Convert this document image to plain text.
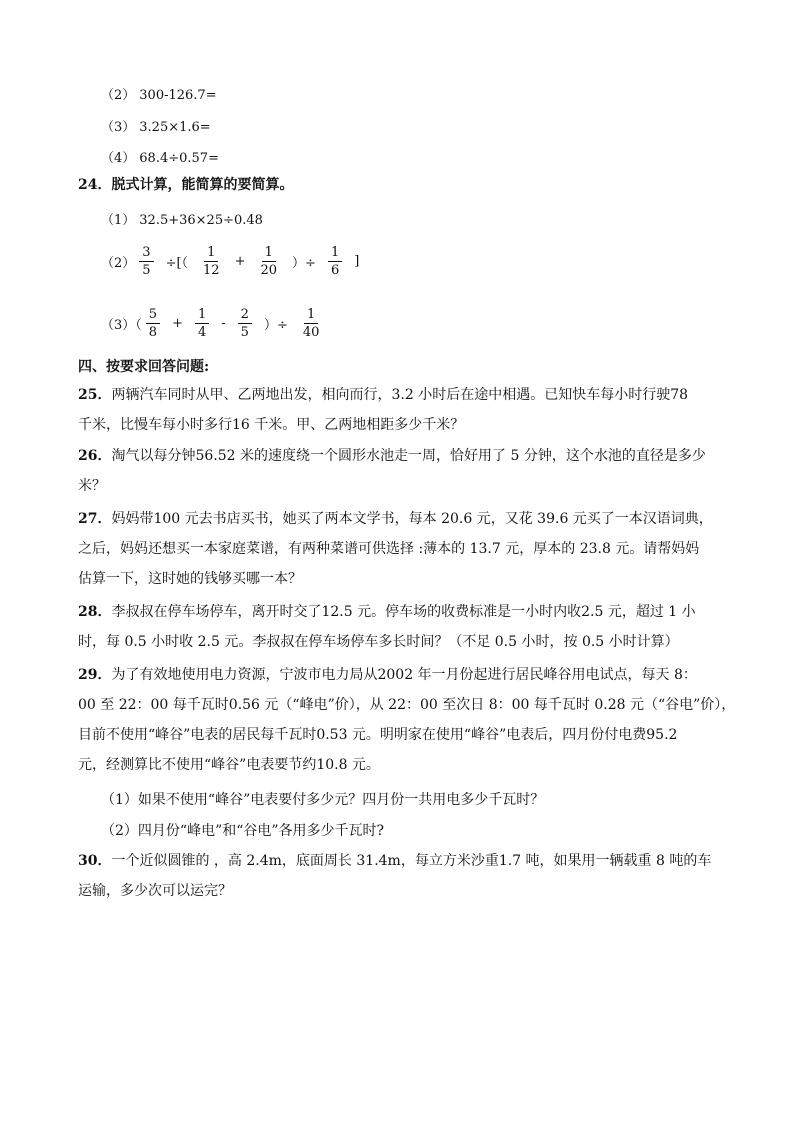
（2） 300-126.7=
（3） 3.25×1.6=
（4） 68.4÷0.57=
24．脱式计算，能简算的要简算。
（1） 32.5+36×25÷0.48
$(2) \frac{3}{5}$ ÷[（ $\frac{1}{12} + \frac{1}{20}$ ）÷ $\frac{1}{6}$ ]
$(3)( \frac{5}{8} + \frac{1}{4} - \frac{2}{5}$ ）÷ $\frac{1}{40}$
四、按要求回答问题:
25．两辆汽车同时从甲、乙两地出发，相向而行，3.2 小时后在途中相遇。已知快车每小时行驶78
千米，比慢车每小时多行16 千米。甲、乙两地相距多少千米？
26．淘气以每分钟56.52 米的速度绕一个圆形水池走一周，恰好用了 5 分钟，这个水池的直径是多少
米？
27．妈妈带100 元去书店买书，她买了两本文学书，每本 20.6 元，又花 39.6 元买了一本汉语词典，
之后，妈妈还想买一本家庭菜谱，有两种菜谱可供选择 :薄本的 13.7 元，厚本的 23.8 元。请帮妈妈
估算一下，这时她的钱够买哪一本？
28．李叔叔在停车场停车，离开时交了12.5 元。停车场的收费标准是一小时内收2.5 元，超过 1 小
时，每 0.5 小时收 2.5 元。李叔叔在停车场停车多长时间？（不足 0.5 小时，按 0.5 小时计算）
29．为了有效地使用电力资源，宁波市电力局从2002 年一月份起进行居民峰谷用电试点，每天 8：
00 至 22：00 每千瓦时0.56 元（“峰电”价），从 22：00 至次日 8：00 每千瓦时 0.28 元（“谷电”价），
目前不使用“峰谷”电表的居民每千瓦时0.53 元。明明家在使用“峰谷”电表后，四月份付电费95.2
元，经测算比不使用“峰谷”电表要节约10.8 元。
（1）如果不使用“峰谷”电表要付多少元？四月份一共用电多少千瓦时？
（2）四月份“峰电”和“谷电”各用多少千瓦时?
30．一个近似圆锥的 ，高 2.4m，底面周长 31.4m，每立方米沙重1.7 吨，如果用一辆载重 8 吨的车
运输，多少次可以运完？
